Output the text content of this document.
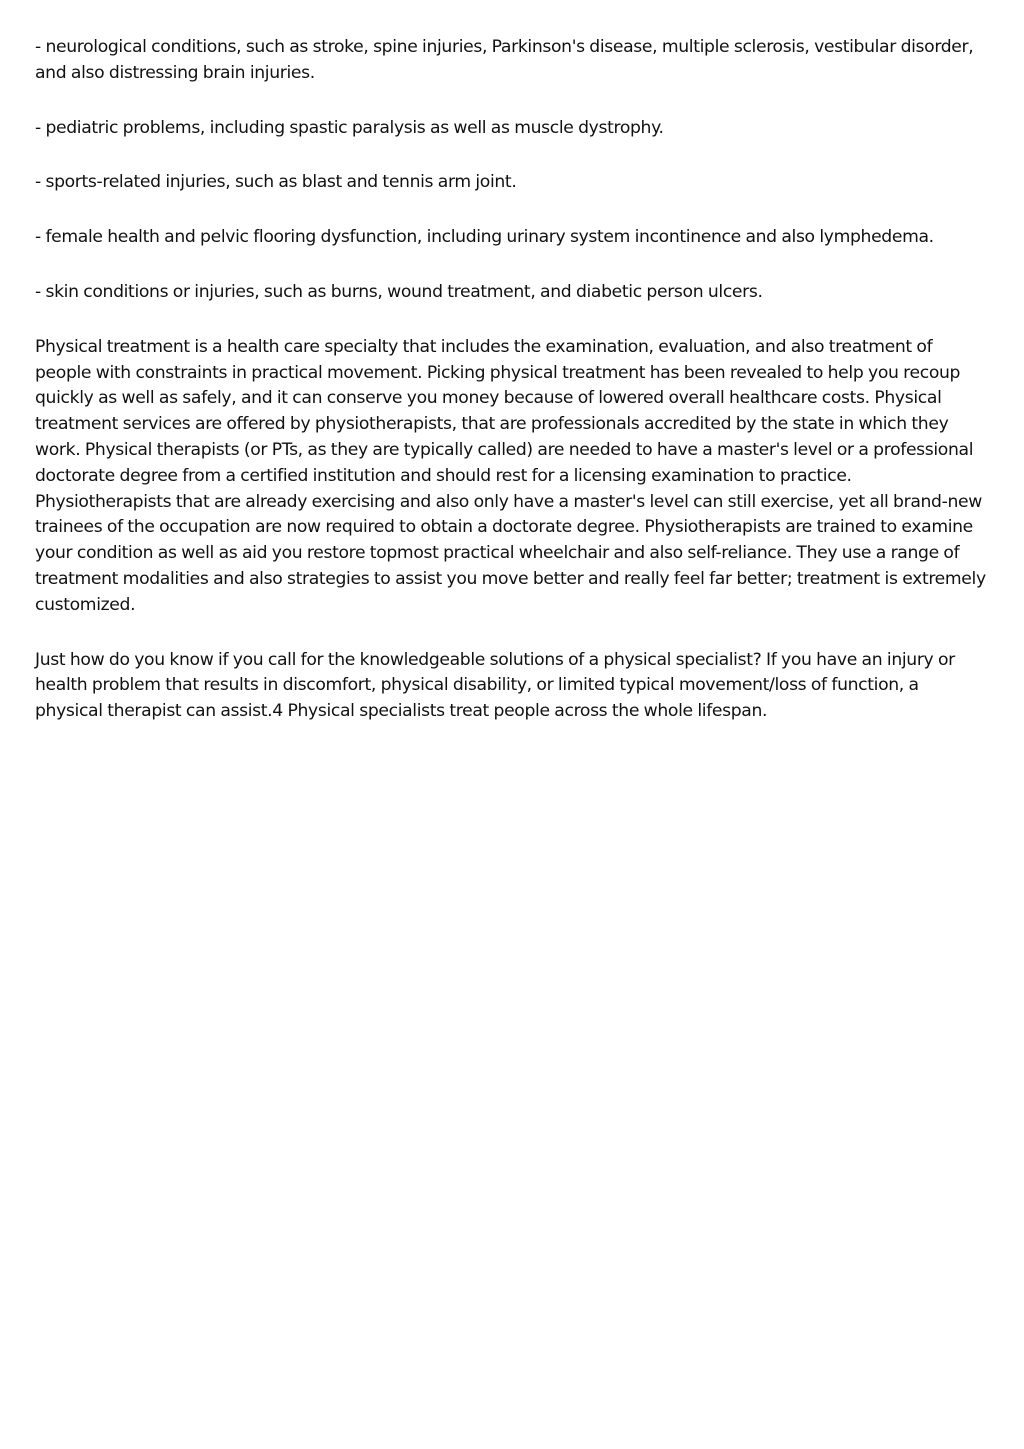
- neurological conditions, such as stroke, spine injuries, Parkinson's disease, multiple sclerosis, vestibular disorder, and also distressing brain injuries.

- pediatric problems, including spastic paralysis as well as muscle dystrophy.

- sports-related injuries, such as blast and tennis arm joint.

- female health and pelvic flooring dysfunction, including urinary system incontinence and also lymphedema.

- skin conditions or injuries, such as burns, wound treatment, and diabetic person ulcers.

Physical treatment is a health care specialty that includes the examination, evaluation, and also treatment of people with constraints in practical movement. Picking physical treatment has been revealed to help you recoup quickly as well as safely, and it can conserve you money because of lowered overall healthcare costs. Physical treatment services are offered by physiotherapists, that are professionals accredited by the state in which they work. Physical therapists (or PTs, as they are typically called) are needed to have a master's level or a professional doctorate degree from a certified institution and should rest for a licensing examination to practice. Physiotherapists that are already exercising and also only have a master's level can still exercise, yet all brand-new trainees of the occupation are now required to obtain a doctorate degree. Physiotherapists are trained to examine your condition as well as aid you restore topmost practical wheelchair and also self-reliance. They use a range of treatment modalities and also strategies to assist you move better and really feel far better; treatment is extremely customized.

Just how do you know if you call for the knowledgeable solutions of a physical specialist? If you have an injury or health problem that results in discomfort, physical disability, or limited typical movement/loss of function, a physical therapist can assist.4 Physical specialists treat people across the whole lifespan.
